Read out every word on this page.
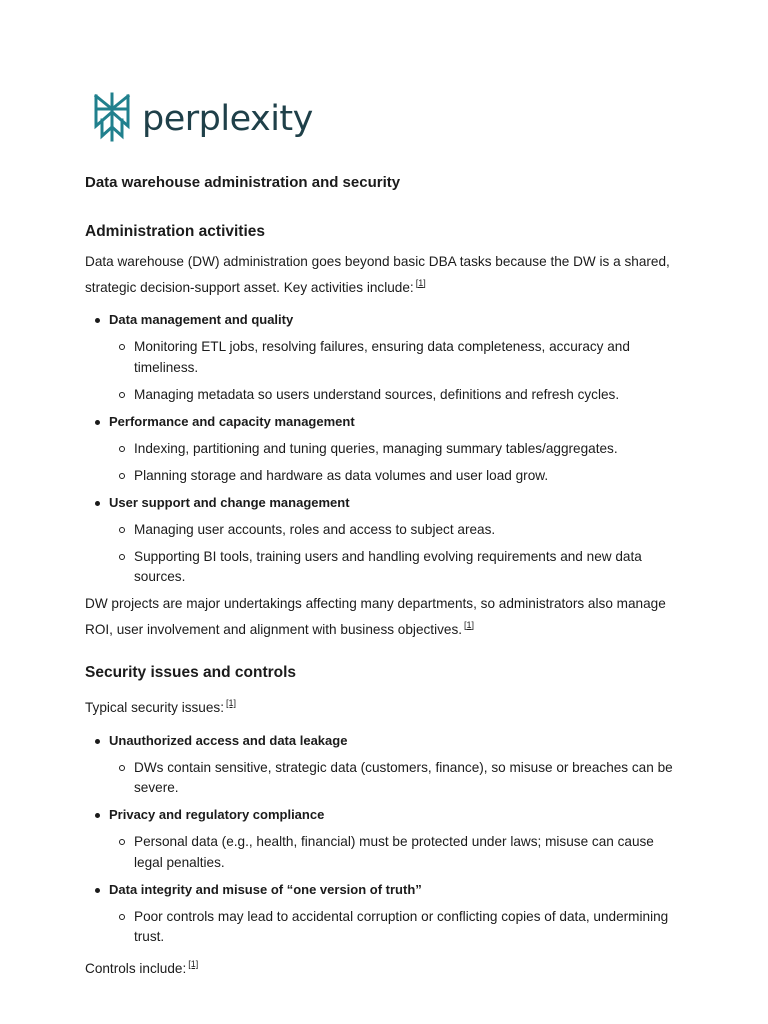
perplexity
Data warehouse administration and security
Administration activities

Data warehouse (DW) administration goes beyond basic DBA tasks because the DW is a shared, strategic decision-support asset. Key activities include: [1]

Data management and quality
Monitoring ETL jobs, resolving failures, ensuring data completeness, accuracy and timeliness.
Managing metadata so users understand sources, definitions and refresh cycles.
Performance and capacity management
Indexing, partitioning and tuning queries, managing summary tables/aggregates.
Planning storage and hardware as data volumes and user load grow.
User support and change management
Managing user accounts, roles and access to subject areas.
Supporting BI tools, training users and handling evolving requirements and new data sources.

DW projects are major undertakings affecting many departments, so administrators also manage ROI, user involvement and alignment with business objectives. [1]

Security issues and controls

Typical security issues: [1]

Unauthorized access and data leakage
DWs contain sensitive, strategic data (customers, finance), so misuse or breaches can be severe.
Privacy and regulatory compliance
Personal data (e.g., health, financial) must be protected under laws; misuse can cause legal penalties.
Data integrity and misuse of “one version of truth”
Poor controls may lead to accidental corruption or conflicting copies of data, undermining trust.

Controls include: [1]
